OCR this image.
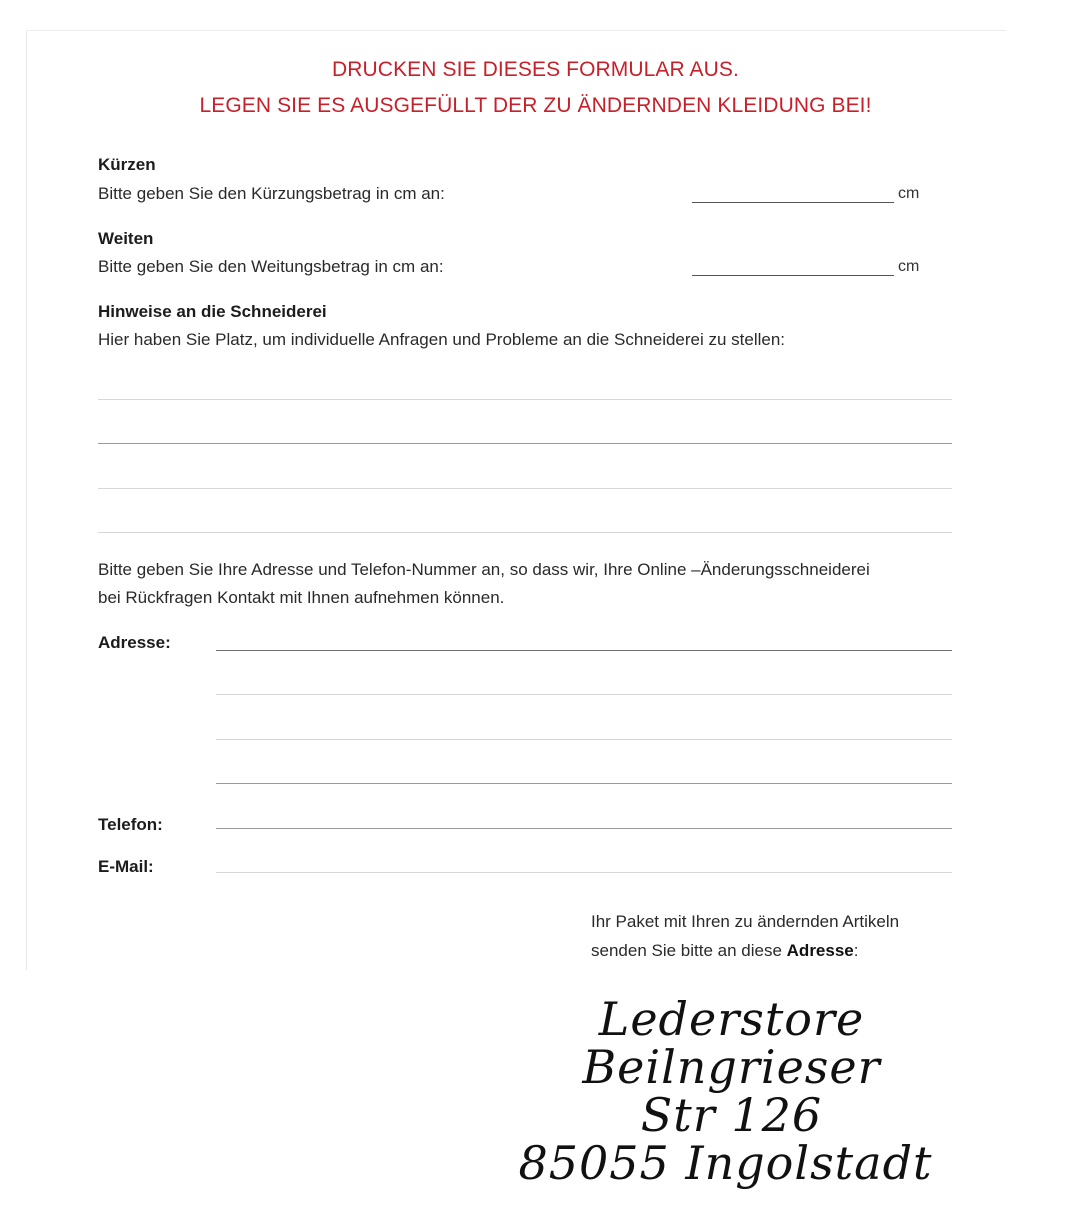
DRUCKEN SIE DIESES FORMULAR AUS.
LEGEN SIE ES AUSGEFÜLLT DER ZU ÄNDERNDEN KLEIDUNG BEI!
Kürzen
Bitte geben Sie den Kürzungsbetrag in cm an:	cm
Weiten
Bitte geben Sie den Weitungsbetrag in cm an:	cm
Hinweise an die Schneiderei
Hier haben Sie Platz, um individuelle Anfragen und Probleme an die Schneiderei zu stellen:
Bitte geben Sie Ihre Adresse und Telefon-Nummer an, so dass wir, Ihre Online –Änderungsschneiderei
bei Rückfragen Kontakt mit Ihnen aufnehmen können.
Adresse:
Telefon:
E-Mail:
Ihr Paket mit Ihren zu ändernden Artikeln
senden Sie bitte an diese Adresse:
Lederstore
Beilngrieser
Str 126
85055 Ingolstadt
